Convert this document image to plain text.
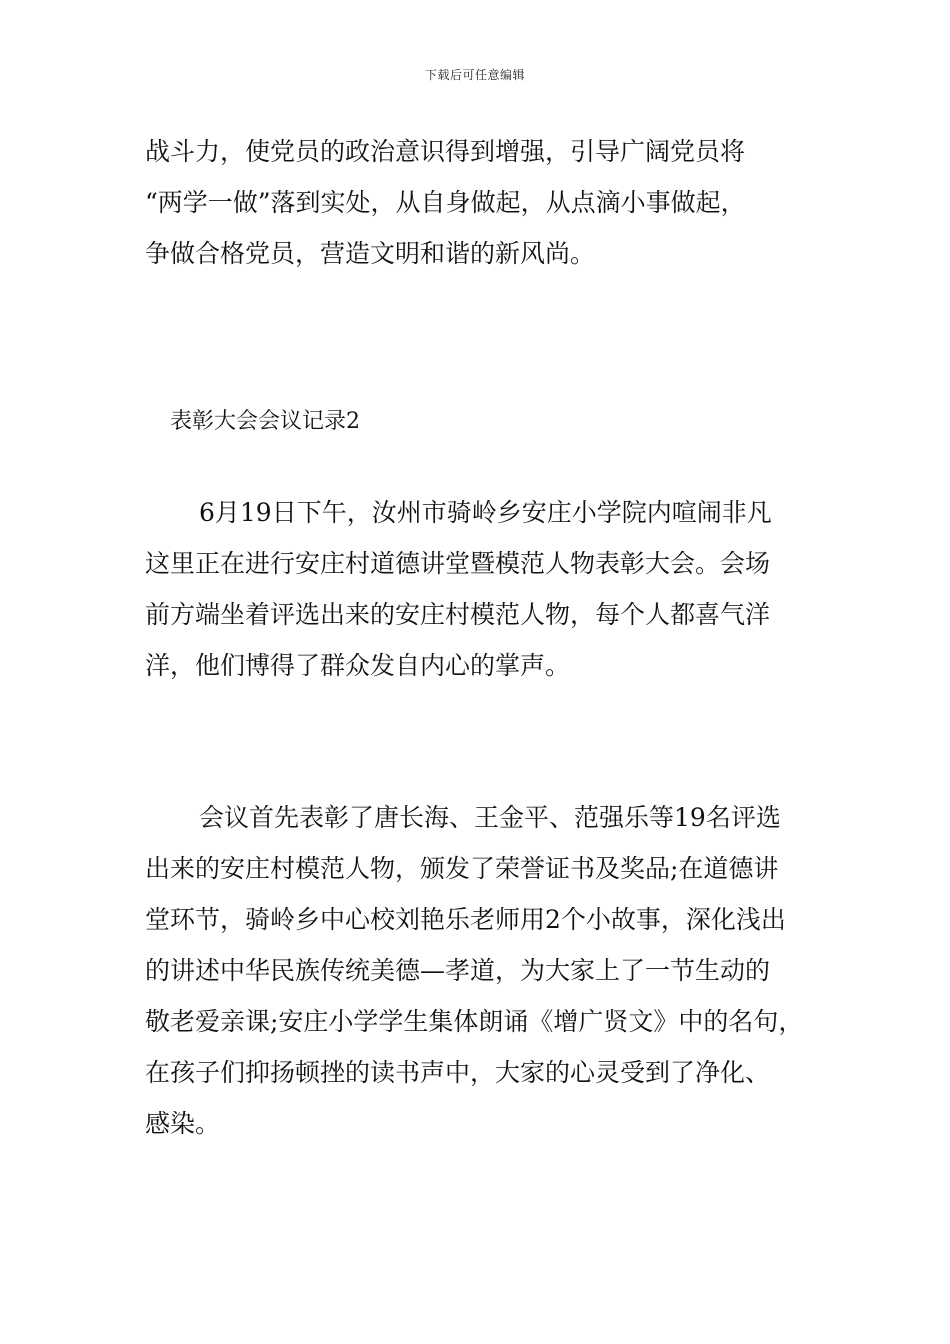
下载后可任意编辑
战斗力，使党员的政治意识得到增强，引导广阔党员将
“两学一做”落到实处，从自身做起，从点滴小事做起，
争做合格党员，营造文明和谐的新风尚。
表彰大会会议记录2
6月19日下午，汝州市骑岭乡安庄小学院内喧闹非凡
这里正在进行安庄村道德讲堂暨模范人物表彰大会。会场
前方端坐着评选出来的安庄村模范人物，每个人都喜气洋
洋，他们博得了群众发自内心的掌声。
会议首先表彰了唐长海、王金平、范强乐等19名评选
出来的安庄村模范人物，颁发了荣誉证书及奖品;在道德讲
堂环节，骑岭乡中心校刘艳乐老师用2个小故事，深化浅出
的讲述中华民族传统美德—孝道，为大家上了一节生动的
敬老爱亲课;安庄小学学生集体朗诵《增广贤文》中的名句，
在孩子们抑扬顿挫的读书声中，大家的心灵受到了净化、
感染。
